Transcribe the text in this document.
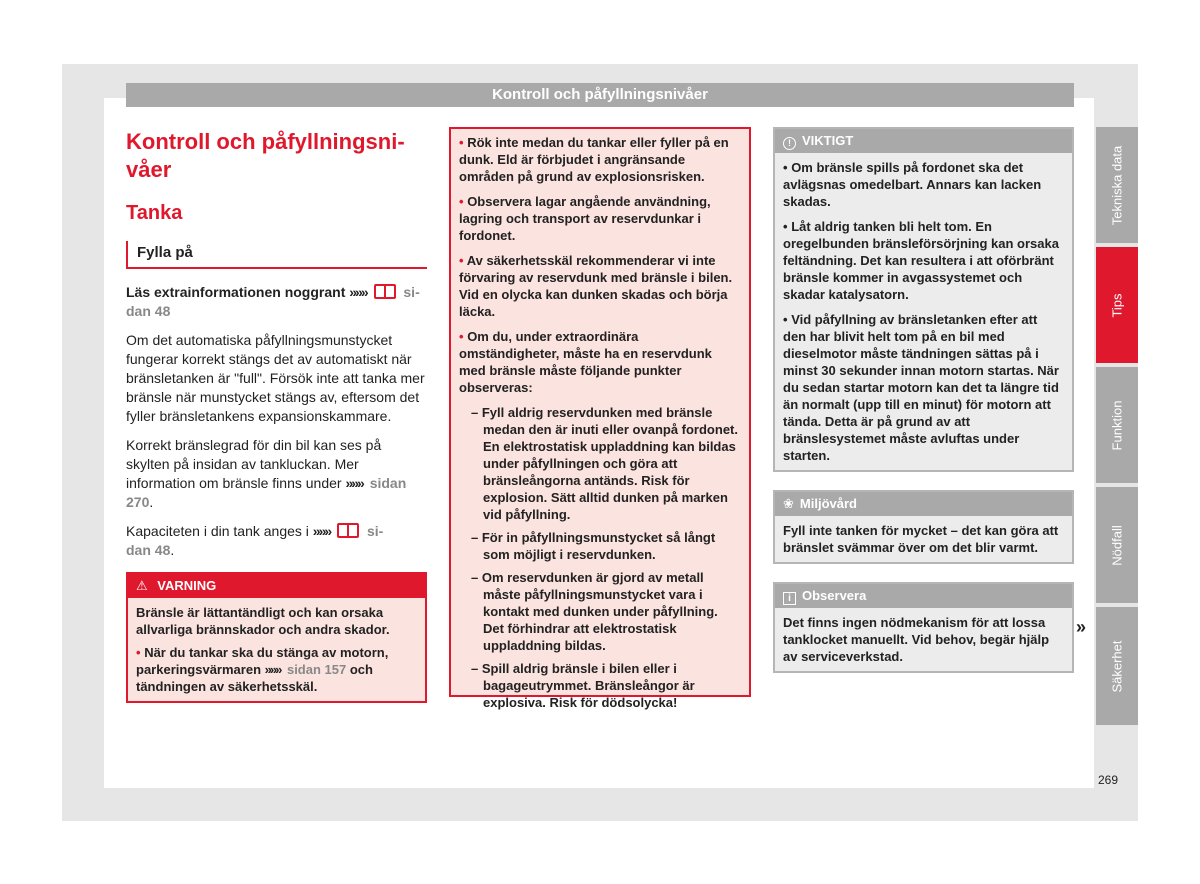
Kontroll och påfyllningsnivåer
Kontroll och påfyllningsni-
våer
Tanka
Fylla på
Läs extrainformationen noggrant »»»	si-
dan 48
Om det automatiska påfyllningsmunstycket fungerar korrekt stängs det av automatiskt när bränsletanken är "full". Försök inte att tanka mer bränsle när munstycket stängs av, eftersom det fyller bränsletankens expansionskammare.
Korrekt bränslegrad för din bil kan ses på skylten på insidan av tankluckan. Mer information om bränsle finns under »»» sidan 270.
Kapaciteten i din tank anges i »»»	si-
dan 48.
⚠ VARNING
Bränsle är lättantändligt och kan orsaka allvarliga brännskador och andra skador.
• När du tankar ska du stänga av motorn, parkeringsvärmaren »»» sidan 157 och tändningen av säkerhetsskäl.
• Rök inte medan du tankar eller fyller på en dunk. Eld är förbjudet i angränsande områden på grund av explosionsrisken.
• Observera lagar angående användning, lagring och transport av reservdunkar i fordonet.
• Av säkerhetsskäl rekommenderar vi inte förvaring av reservdunk med bränsle i bilen. Vid en olycka kan dunken skadas och börja läcka.
• Om du, under extraordinära omständigheter, måste ha en reservdunk med bränsle måste följande punkter observeras:
– Fyll aldrig reservdunken med bränsle medan den är inuti eller ovanpå fordonet. En elektrostatisk uppladdning kan bildas under påfyllningen och göra att bränsleångorna antänds. Risk för explosion. Sätt alltid dunken på marken vid påfyllning.
– För in påfyllningsmunstycket så långt som möjligt i reservdunken.
– Om reservdunken är gjord av metall måste påfyllningsmunstycket vara i kontakt med dunken under påfyllning. Det förhindrar att elektrostatisk uppladdning bildas.
– Spill aldrig bränsle i bilen eller i bagageutrymmet. Bränsleångor är explosiva. Risk för dödsolycka!
! VIKTIGT
• Om bränsle spills på fordonet ska det avlägsnas omedelbart. Annars kan lacken skadas.
• Låt aldrig tanken bli helt tom. En oregelbunden bränsleförsörjning kan orsaka feltändning. Det kan resultera i att oförbränt bränsle kommer in avgassystemet och skadar katalysatorn.
• Vid påfyllning av bränsletanken efter att den har blivit helt tom på en bil med dieselmotor måste tändningen sättas på i minst 30 sekunder innan motorn startas. När du sedan startar motorn kan det ta längre tid än normalt (upp till en minut) för motorn att tända. Detta är på grund av att bränslesystemet måste avluftas under starten.
❀ Miljövård
Fyll inte tanken för mycket – det kan göra att bränslet svämmar över om det blir varmt.
i Observera
Det finns ingen nödmekanism för att lossa tanklocket manuellt. Vid behov, begär hjälp av serviceverkstad.
»
Tekniska data
Tips
Funktion
Nödfall
Säkerhet
269
